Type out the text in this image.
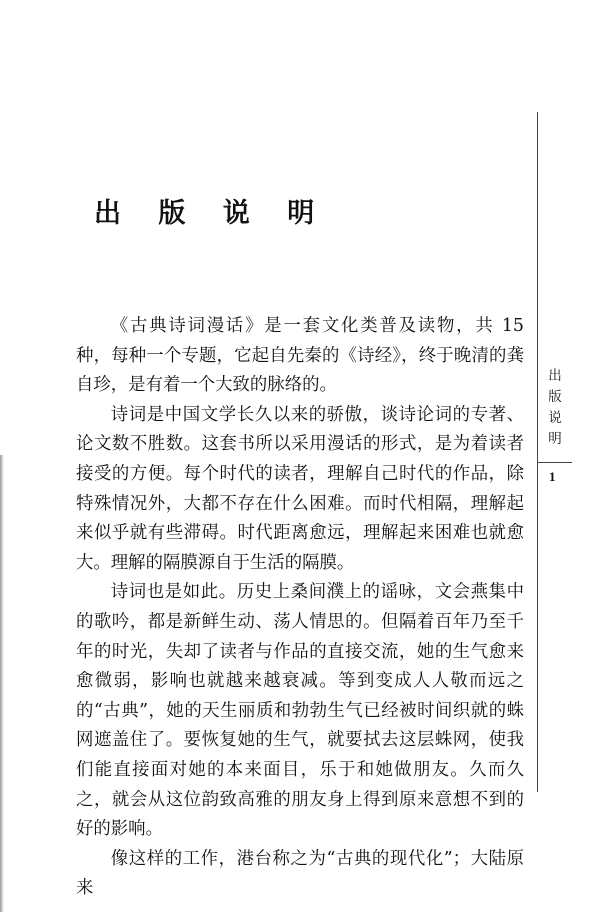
出 版 说 明

《古典诗词漫话》是一套文化类普及读物，共 15 种，每种一个专题，它起自先秦的《诗经》，终于晚清的龚自珍，是有着一个大致的脉络的。

诗词是中国文学长久以来的骄傲，谈诗论词的专著、论文数不胜数。这套书所以采用漫话的形式，是为着读者接受的方便。每个时代的读者，理解自己时代的作品，除特殊情况外，大都不存在什么困难。而时代相隔，理解起来似乎就有些滞碍。时代距离愈远，理解起来困难也就愈大。理解的隔膜源自于生活的隔膜。

诗词也是如此。历史上桑间濮上的谣咏，文会燕集中的歌吟，都是新鲜生动、荡人情思的。但隔着百年乃至千年的时光，失却了读者与作品的直接交流，她的生气愈来愈微弱，影响也就越来越衰减。等到变成人人敬而远之的“古典”，她的天生丽质和勃勃生气已经被时间织就的蛛网遮盖住了。要恢复她的生气，就要拭去这层蛛网，使我们能直接面对她的本来面目，乐于和她做朋友。久而久之，就会从这位韵致高雅的朋友身上得到原来意想不到的好的影响。

像这样的工作，港台称之为“古典的现代化”；大陆原来

出
版
说
明
1
